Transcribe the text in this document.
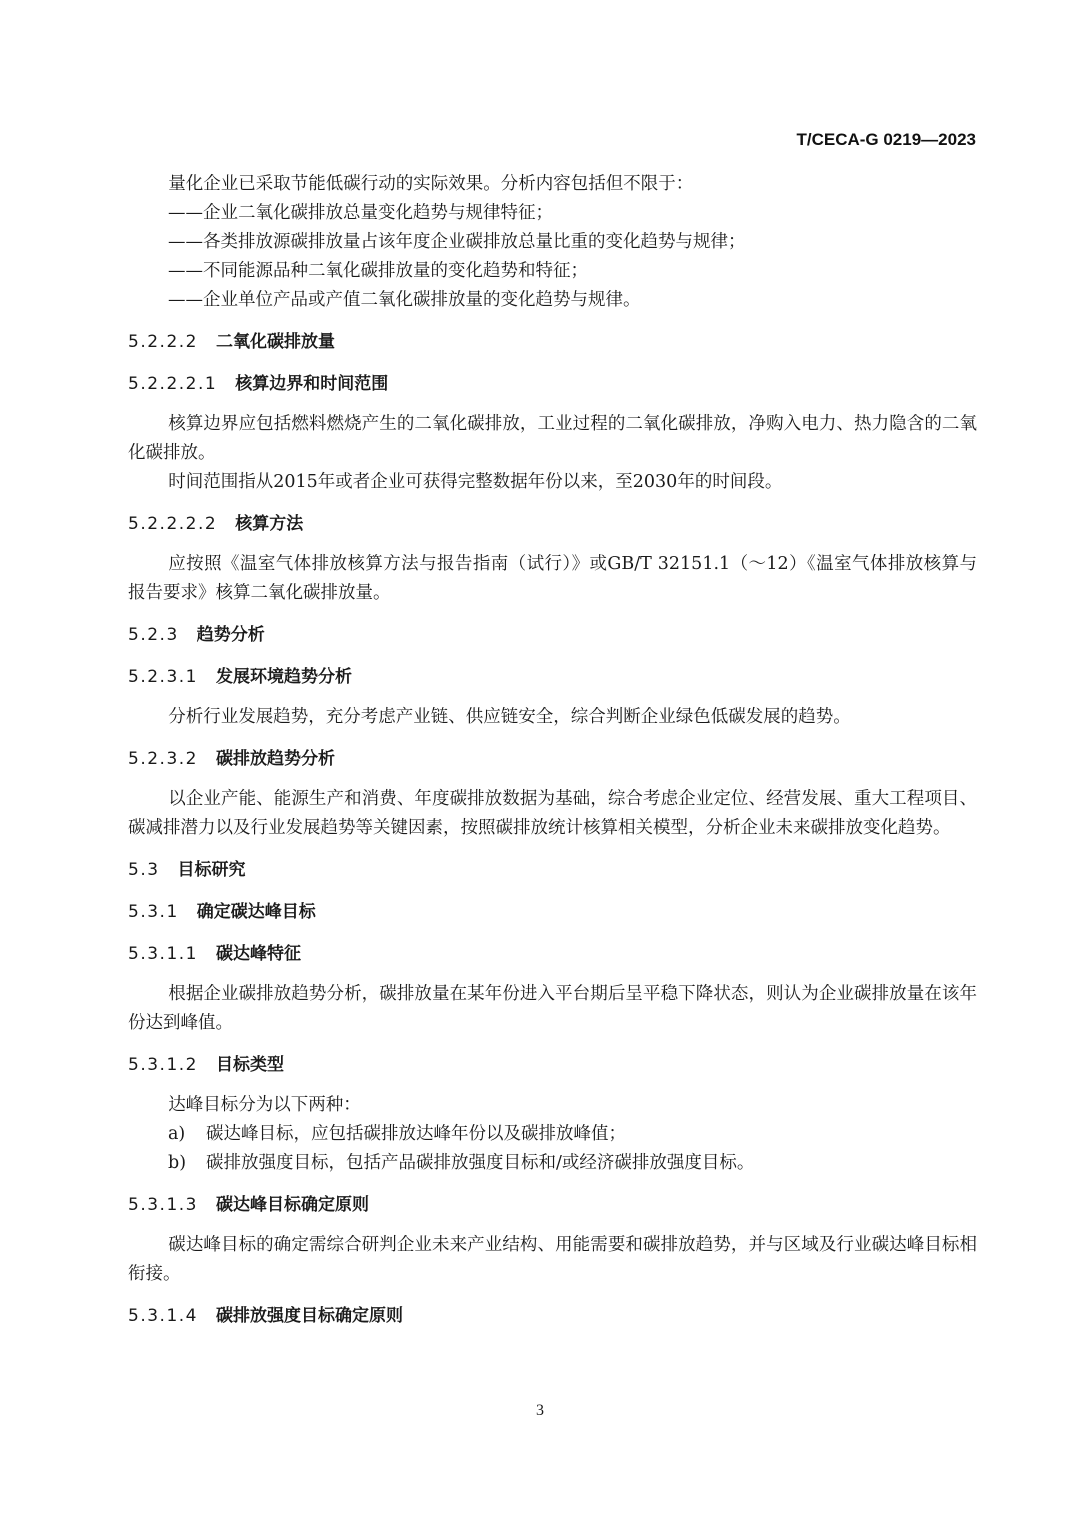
T/CECA-G 0219—2023

量化企业已采取节能低碳行动的实际效果。分析内容包括但不限于：

——企业二氧化碳排放总量变化趋势与规律特征；

——各类排放源碳排放量占该年度企业碳排放总量比重的变化趋势与规律；

——不同能源品种二氧化碳排放量的变化趋势和特征；

——企业单位产品或产值二氧化碳排放量的变化趋势与规律。

5.2.2.2 二氧化碳排放量
5.2.2.2.1 核算边界和时间范围

核算边界应包括燃料燃烧产生的二氧化碳排放，工业过程的二氧化碳排放，净购入电力、热力隐含的二氧化碳排放。

时间范围指从2015年或者企业可获得完整数据年份以来，至2030年的时间段。

5.2.2.2.2 核算方法

应按照《温室气体排放核算方法与报告指南（试行）》或GB/T 32151.1（～12）《温室气体排放核算与报告要求》核算二氧化碳排放量。

5.2.3 趋势分析
5.2.3.1 发展环境趋势分析

分析行业发展趋势，充分考虑产业链、供应链安全，综合判断企业绿色低碳发展的趋势。

5.2.3.2 碳排放趋势分析

以企业产能、能源生产和消费、年度碳排放数据为基础，综合考虑企业定位、经营发展、重大工程项目、碳减排潜力以及行业发展趋势等关键因素，按照碳排放统计核算相关模型，分析企业未来碳排放变化趋势。

5.3 目标研究
5.3.1 确定碳达峰目标
5.3.1.1 碳达峰特征

根据企业碳排放趋势分析，碳排放量在某年份进入平台期后呈平稳下降状态，则认为企业碳排放量在该年份达到峰值。

5.3.1.2 目标类型

达峰目标分为以下两种：

a) 碳达峰目标，应包括碳排放达峰年份以及碳排放峰值；

b) 碳排放强度目标，包括产品碳排放强度目标和/或经济碳排放强度目标。

5.3.1.3 碳达峰目标确定原则

碳达峰目标的确定需综合研判企业未来产业结构、用能需要和碳排放趋势，并与区域及行业碳达峰目标相衔接。

5.3.1.4 碳排放强度目标确定原则
3
